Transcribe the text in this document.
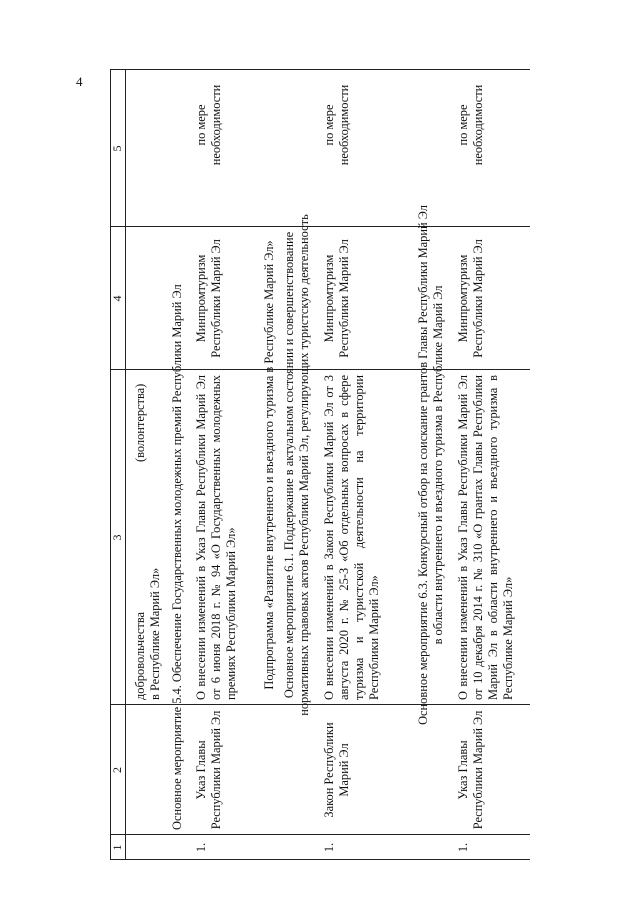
4
1
2
3
4
5
добровольчества
(волонтерства)
в Республике Марий Эл» Основное мероприятие 5.4. Обеспечение Государственных молодежных премий Республики Марий Эл
1.
Указ Главы Республики Марий Эл
О внесении изменений в Указ Главы Республики Марий Эл от 6 июня 2018 г. № 94 «О Государственных молодежных премиях Республики Марий Эл»
Минпромтуризм Республики Марий Эл
по мере необходимости
Подпрограмма «Развитие внутреннего и въездного туризма в Республике Марий Эл» Основное мероприятие 6.1. Поддержание в актуальном состоянии и совершенствование нормативных правовых актов Республики Марий Эл, регулирующих туристскую деятельность
1.
Закон Республики Марий Эл
О внесении изменений в Закон Республики Марий Эл от 3 августа 2020 г. № 25-З «Об отдельных вопросах в сфере туризма и туристской деятельности на территории Республики Марий Эл»
Минпромтуризм Республики Марий Эл
по мере необходимости
Основное мероприятие 6.3. Конкурсный отбор на соискание грантов Главы Республики Марий Эл в области внутреннего и въездного туризма в Республике Марий Эл
1.
Указ Главы Республики Марий Эл
О внесении изменений в Указ Главы Республики Марий Эл от 10 декабря 2014 г. № 310 «О грантах Главы Республики Марий Эл в области внутреннего и въездного туризма в Республике Марий Эл»
Минпромтуризм Республики Марий Эл
по мере необходимости
